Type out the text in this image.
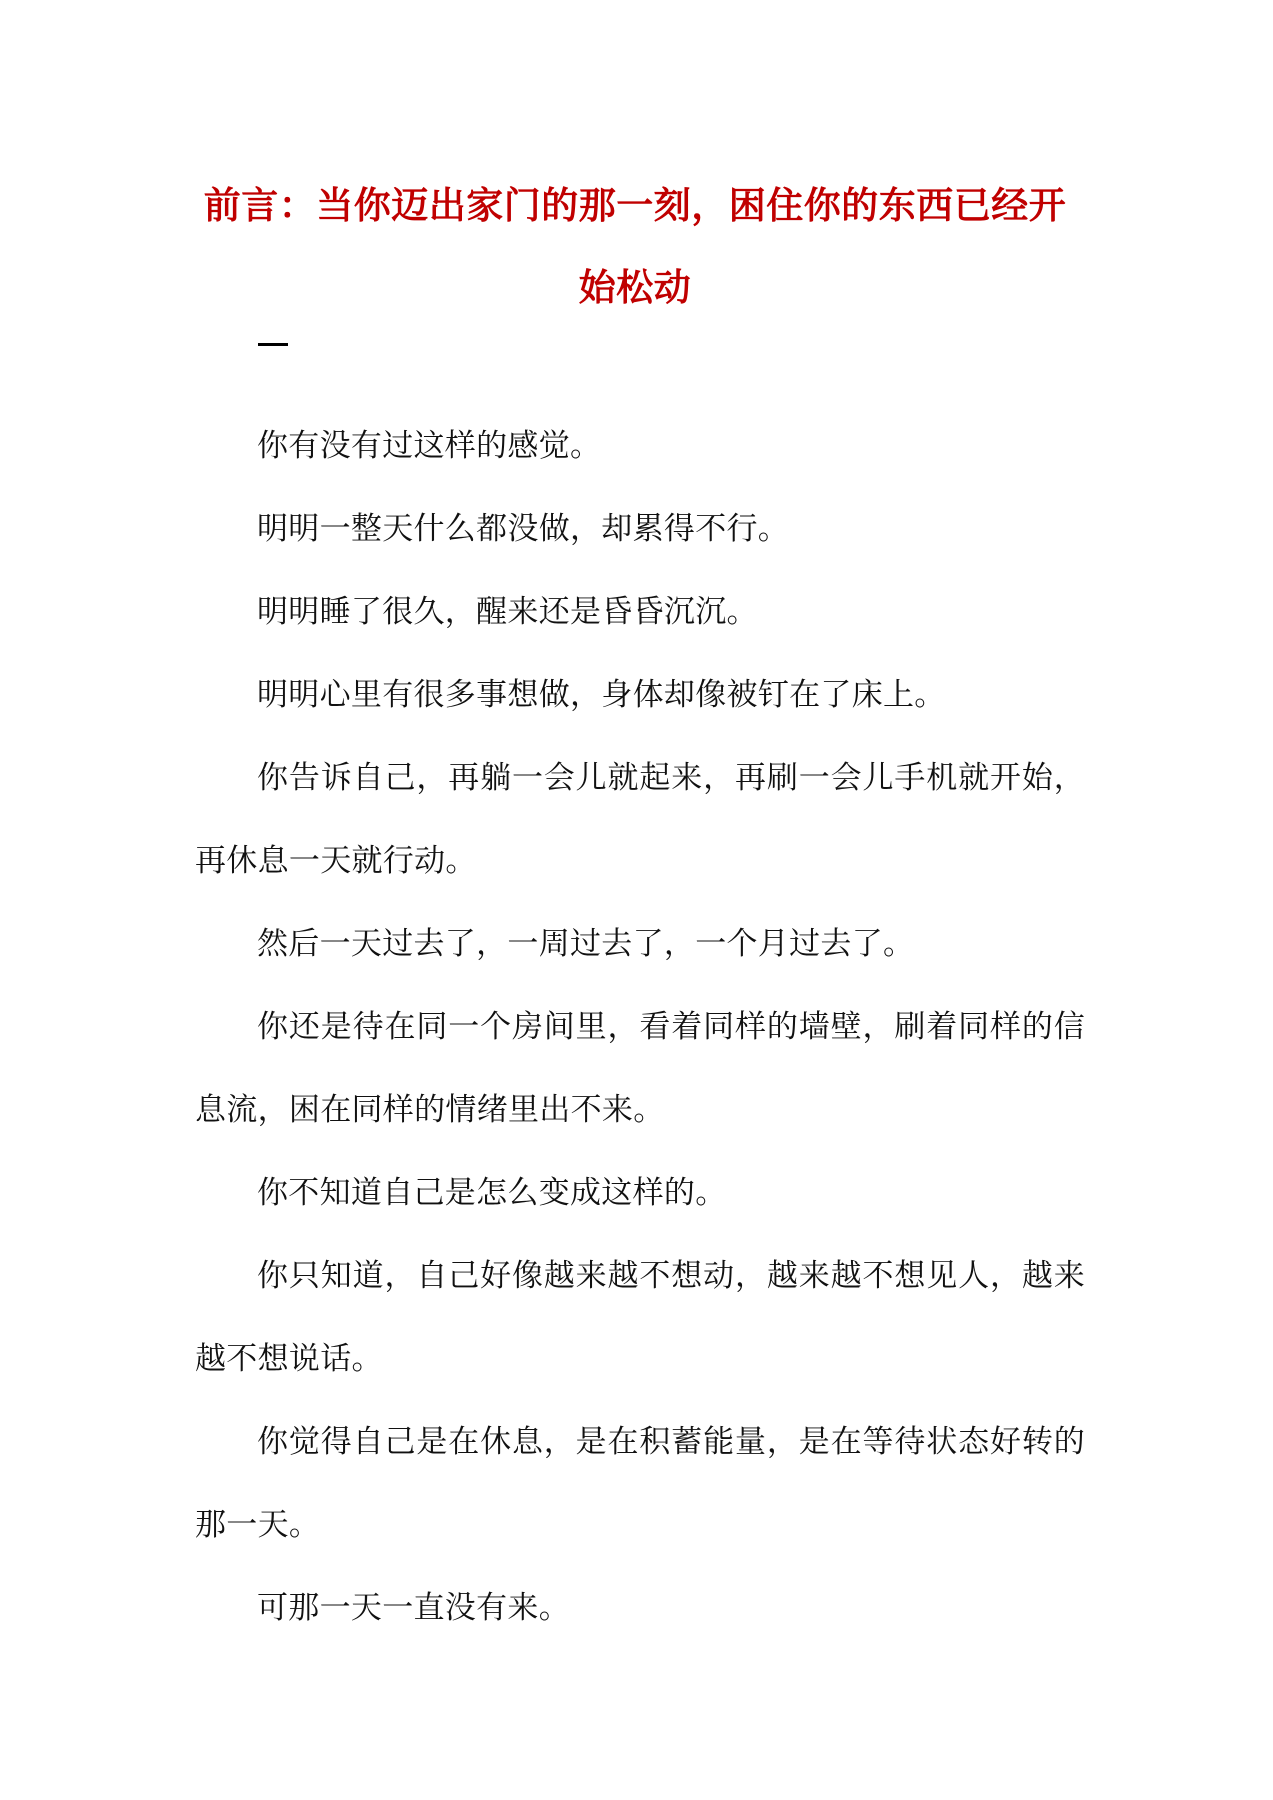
前言：当你迈出家门的那一刻，困住你的东西已经开始松动

你有没有过这样的感觉。

明明一整天什么都没做，却累得不行。

明明睡了很久，醒来还是昏昏沉沉。

明明心里有很多事想做，身体却像被钉在了床上。

你告诉自己，再躺一会儿就起来，再刷一会儿手机就开始，再休息一天就行动。

然后一天过去了，一周过去了，一个月过去了。

你还是待在同一个房间里，看着同样的墙壁，刷着同样的信息流，困在同样的情绪里出不来。

你不知道自己是怎么变成这样的。

你只知道，自己好像越来越不想动，越来越不想见人，越来越不想说话。

你觉得自己是在休息，是在积蓄能量，是在等待状态好转的那一天。

可那一天一直没有来。
